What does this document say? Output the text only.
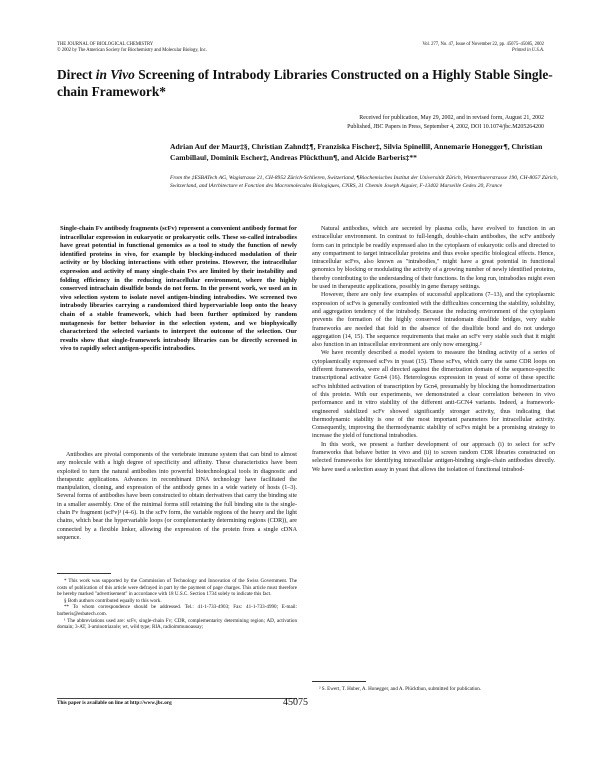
THE JOURNAL OF BIOLOGICAL CHEMISTRY
© 2002 by The American Society for Biochemistry and Molecular Biology, Inc.
Vol. 277, No. 47, Issue of November 22, pp. 45075–45085, 2002
Printed in U.S.A.
Direct in Vivo Screening of Intrabody Libraries Constructed on a Highly Stable Single-chain Framework*
Received for publication, May 29, 2002, and in revised form, August 21, 2002
Published, JBC Papers in Press, September 4, 2002, DOI 10.1074/jbc.M205264200
Adrian Auf der Maur‡§, Christian Zahnd‡¶, Franziska Fischer‡, Silvia Spinelli‖, Annemarie Honegger¶, Christian Cambillau‖, Dominik Escher‡, Andreas Plückthun¶, and Alcide Barberis‡**
From the ‡ESBATech AG, Wagistrasse 21, CH-8952 Zürich-Schlieren, Switzerland, ¶Biochemisches Institut der Universität Zürich, Winterthurerstrasse 190, CH-8057 Zürich, Switzerland, and ‖Architecture et Fonction des Macromolecules Biologiques, CNRS, 31 Chemin Joseph Aiguier, F-13402 Marseille Cedex 20, France
Single-chain Fv antibody fragments (scFv) represent a convenient antibody format for intracellular expression in eukaryotic or prokaryotic cells. These so-called intrabodies have great potential in functional genomics as a tool to study the function of newly identified proteins in vivo, for example by blocking-induced modulation of their activity or by blocking interactions with other proteins. However, the intracellular expression and activity of many single-chain Fvs are limited by their instability and folding efficiency in the reducing intracellular environment, where the highly conserved intrachain disulfide bonds do not form. In the present work, we used an in vivo selection system to isolate novel antigen-binding intrabodies. We screened two intrabody libraries carrying a randomized third hypervariable loop onto the heavy chain of a stable framework, which had been further optimized by random mutagenesis for better behavior in the selection system, and we biophysically characterized the selected variants to interpret the outcome of the selection. Our results show that single-framework intrabody libraries can be directly screened in vivo to rapidly select antigen-specific intrabodies.
Antibodies are pivotal components of the vertebrate immune system that can bind to almost any molecule with a high degree of specificity and affinity. These characteristics have been exploited to turn the natural antibodies into powerful biotechnological tools in diagnostic and therapeutic applications. Advances in recombinant DNA technology have facilitated the manipulation, cloning, and expression of the antibody genes in a wide variety of hosts (1–3). Several forms of antibodies have been constructed to obtain derivatives that carry the binding site in a smaller assembly. One of the minimal forms still retaining the full binding site is the single-chain Fv fragment (scFv)¹ (4–6). In the scFv form, the variable regions of the heavy and the light chains, which bear the hypervariable loops (or complementarity determining regions (CDR)), are connected by a flexible linker, allowing the expression of the protein from a single cDNA sequence.

* This work was supported by the Commission of Technology and Innovation of the Swiss Government. The costs of publication of this article were defrayed in part by the payment of page charges. This article must therefore be hereby marked "advertisement" in accordance with 18 U.S.C. Section 1734 solely to indicate this fact.

§ Both authors contributed equally to this work.

** To whom correspondence should be addressed. Tel.: 41-1-733-4903; Fax: 41-1-733-4990; E-mail: barberis@esbatech.com.

¹ The abbreviations used are: scFv, single-chain Fv; CDR, complementarity determining region; AD, activation domain; 3-AT, 3-aminotriazole; wt, wild type; RIA, radioimmunoassay;

Natural antibodies, which are secreted by plasma cells, have evolved to function in an extracellular environment. In contrast to full-length, double-chain antibodies, the scFv antibody form can in principle be readily expressed also in the cytoplasm of eukaryotic cells and directed to any compartment to target intracellular proteins and thus evoke specific biological effects. Hence, intracellular scFvs, also known as "intrabodies," might have a great potential in functional genomics by blocking or modulating the activity of a growing number of newly identified proteins, thereby contributing to the understanding of their functions. In the long run, intrabodies might even be used in therapeutic applications, possibly in gene therapy settings.

However, there are only few examples of successful applications (7–13), and the cytoplasmic expression of scFvs is generally confronted with the difficulties concerning the stability, solubility, and aggregation tendency of the intrabody. Because the reducing environment of the cytoplasm prevents the formation of the highly conserved intradomain disulfide bridges, very stable frameworks are needed that fold in the absence of the disulfide bond and do not undergo aggregation (14, 15). The sequence requirements that make an scFv very stable such that it might also function in an intracellular environment are only now emerging.²

We have recently described a model system to measure the binding activity of a series of cytoplasmically expressed scFvs in yeast (15). These scFvs, which carry the same CDR loops on different frameworks, were all directed against the dimerization domain of the sequence-specific transcriptional activator Gcn4 (16). Heterologous expression in yeast of some of these specific scFvs inhibited activation of transcription by Gcn4, presumably by blocking the homodimerization of this protein. With our experiments, we demonstrated a clear correlation between in vivo performance and in vitro stability of the different anti-GCN4 variants. Indeed, a framework-engineered stabilized scFv showed significantly stronger activity, thus indicating that thermodynamic stability is one of the most important parameters for intracellular activity. Consequently, improving the thermodynamic stability of scFvs might be a promising strategy to increase the yield of functional intrabodies.

In this work, we present a further development of our approach (i) to select for scFv frameworks that behave better in vivo and (ii) to screen random CDR libraries constructed on selected frameworks for identifying intracellular antigen-binding single-chain antibodies directly. We have used a selection assay in yeast that allows the isolation of functional intrabod-

² S. Ewert, T. Huber, A. Honegger, and A. Plückthun, submitted for publication.
This paper is available on line at http://www.jbc.org	45075
